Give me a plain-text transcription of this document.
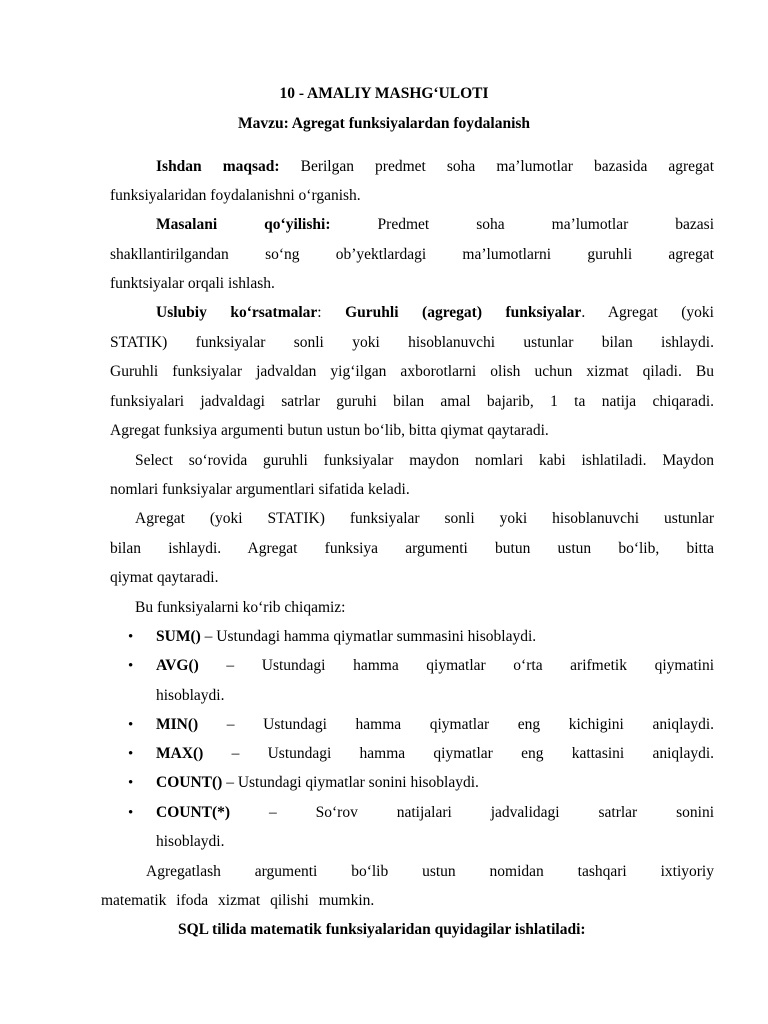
10 - AMALIY MASHG‘ULOTI
Mavzu: Agregat funksiyalardan foydalanish
Ishdan maqsad: Berilgan predmet soha ma’lumotlar bazasida agregat
funksiyalaridan foydalanishni o‘rganish.
Masalani qo‘yilishi:	Predmet soha ma’lumotlar bazasi
shakllantirilgandan so‘ng ob’yektlardagi ma’lumotlarni guruhli agregat
funktsiyalar orqali ishlash.
Uslubiy ko‘rsatmalar: Guruhli (agregat) funksiyalar. Agregat (yoki
STATIK) funksiyalar sonli yoki hisoblanuvchi ustunlar bilan ishlaydi.
Guruhli funksiyalar jadvaldan yig‘ilgan axborotlarni olish uchun xizmat qiladi. Bu
funksiyalari jadvaldagi satrlar guruhi bilan amal bajarib, 1 ta natija chiqaradi.
Agregat funksiya argumenti butun ustun bo‘lib, bitta qiymat qaytaradi.
Select so‘rovida guruhli funksiyalar maydon nomlari kabi ishlatiladi. Maydon
nomlari funksiyalar argumentlari sifatida keladi.
Agregat (yoki STATIK) funksiyalar sonli yoki hisoblanuvchi ustunlar
bilan ishlaydi. Agregat funksiya argumenti butun ustun bo‘lib, bitta
qiymat qaytaradi.
Bu funksiyalarni ko‘rib chiqamiz:
• SUM() – Ustundagi hamma qiymatlar summasini hisoblaydi.
• AVG() – Ustundagi hamma qiymatlar o‘rta arifmetik qiymatini
hisoblaydi.
• MIN() – Ustundagi hamma qiymatlar eng kichigini aniqlaydi.
• MAX() – Ustundagi hamma qiymatlar eng kattasini aniqlaydi.
• COUNT() – Ustundagi qiymatlar sonini hisoblaydi.
• COUNT(*) – So‘rov natijalari jadvalidagi satrlar sonini
hisoblaydi.
Agregatlash argumenti bo‘lib ustun nomidan tashqari ixtiyoriy
matematik ifoda xizmat qilishi mumkin.
SQL tilida matematik funksiyalaridan quyidagilar ishlatiladi:
